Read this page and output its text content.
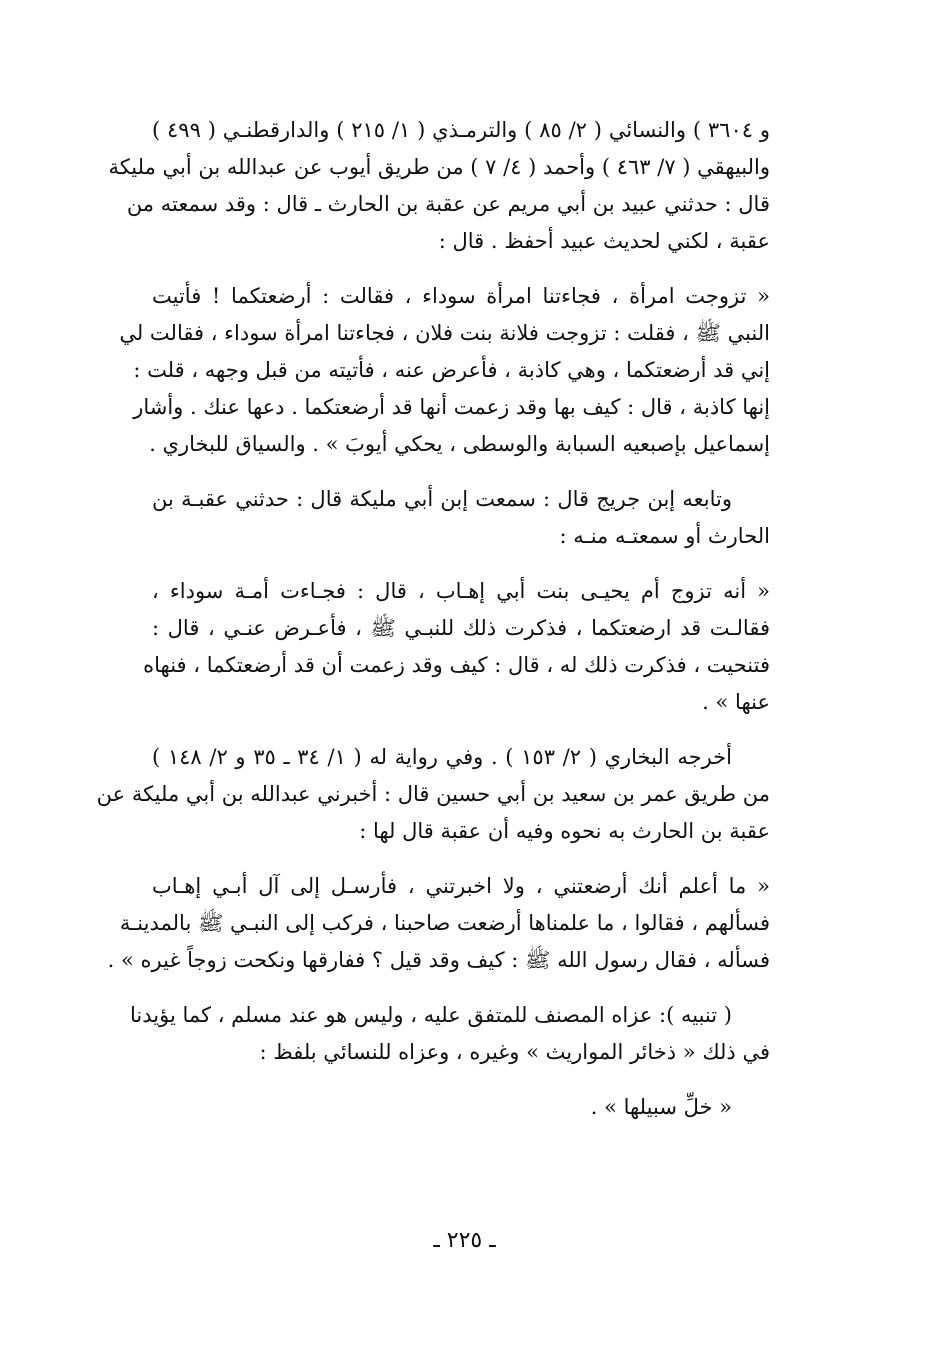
و ٣٦٠٤ ) والنسائي ( ٢/ ٨٥ ) والترمـذي ( ١/ ٢١٥ ) والدارقطنـي ( ٤٩٩ )
والبيهقي ( ٧/ ٤٦٣ ) وأحمد ( ٤/ ٧ ) من طريق أيوب عن عبدالله بن أبي مليكة
قال : حدثني عبيد بن أبي مريم عن عقبة بن الحارث ـ قال : وقد سمعته من
عقبة ، لكني لحديث عبيد أحفظ . قال :
« تزوجت امرأة ، فجاءتنا امرأة سوداء ، فقالت : أرضعتكما ! فأتيت
النبي ﷺ ، فقلت : تزوجت فلانة بنت فلان ، فجاءتنا امرأة سوداء ، فقالت لي
إني قد أرضعتكما ، وهي كاذبة ، فأعرض عنه ، فأتيته من قبل وجهه ، قلت :
إنها كاذبة ، قال : كيف بها وقد زعمت أنها قد أرضعتكما . دعها عنك . وأشار
إسماعيل بإصبعيه السبابة والوسطى ، يحكي أيوبَ » . والسياق للبخاري .
وتابعه إبن جريج قال : سمعت إبن أبي مليكة قال : حدثني عقبـة بن
الحارث أو سمعتـه منـه :
« أنه تزوج أم يحيـى بنت أبي إهـاب ، قال : فجـاءت أمـة سوداء ،
فقالـت قد ارضعتكما ، فذكرت ذلك للنبـي ﷺ ، فأعـرض عنـي ، قال :
فتنحيت ، فذكرت ذلك له ، قال : كيف وقد زعمت أن قد أرضعتكما ، فنهاه
عنها » .
أخرجه البخاري ( ٢/ ١٥٣ ) . وفي رواية له ( ١/ ٣٤ ـ ٣٥ و ٢/ ١٤٨ )
من طريق عمر بن سعيد بن أبي حسين قال : أخبرني عبدالله بن أبي مليكة عن
عقبة بن الحارث به نحوه وفيه أن عقبة قال لها :
« ما أعلم أنك أرضعتني ، ولا اخبرتني ، فأرسـل إلى آل أبـي إهـاب
فسألهم ، فقالوا ، ما علمناها أرضعت صاحبنا ، فركب إلى النبـي ﷺ بالمدينـة
فسأله ، فقال رسول الله ﷺ : كيف وقد قيل ؟ ففارقها ونكحت زوجاً غيره » .
( تنبيه ): عزاه المصنف للمتفق عليه ، وليس هو عند مسلم ، كما يؤيدنا
في ذلك « ذخائر المواريث » وغيره ، وعزاه للنسائي بلفظ :
« خلِّ سبيلها » .
ـ ٢٢٥ ـ
